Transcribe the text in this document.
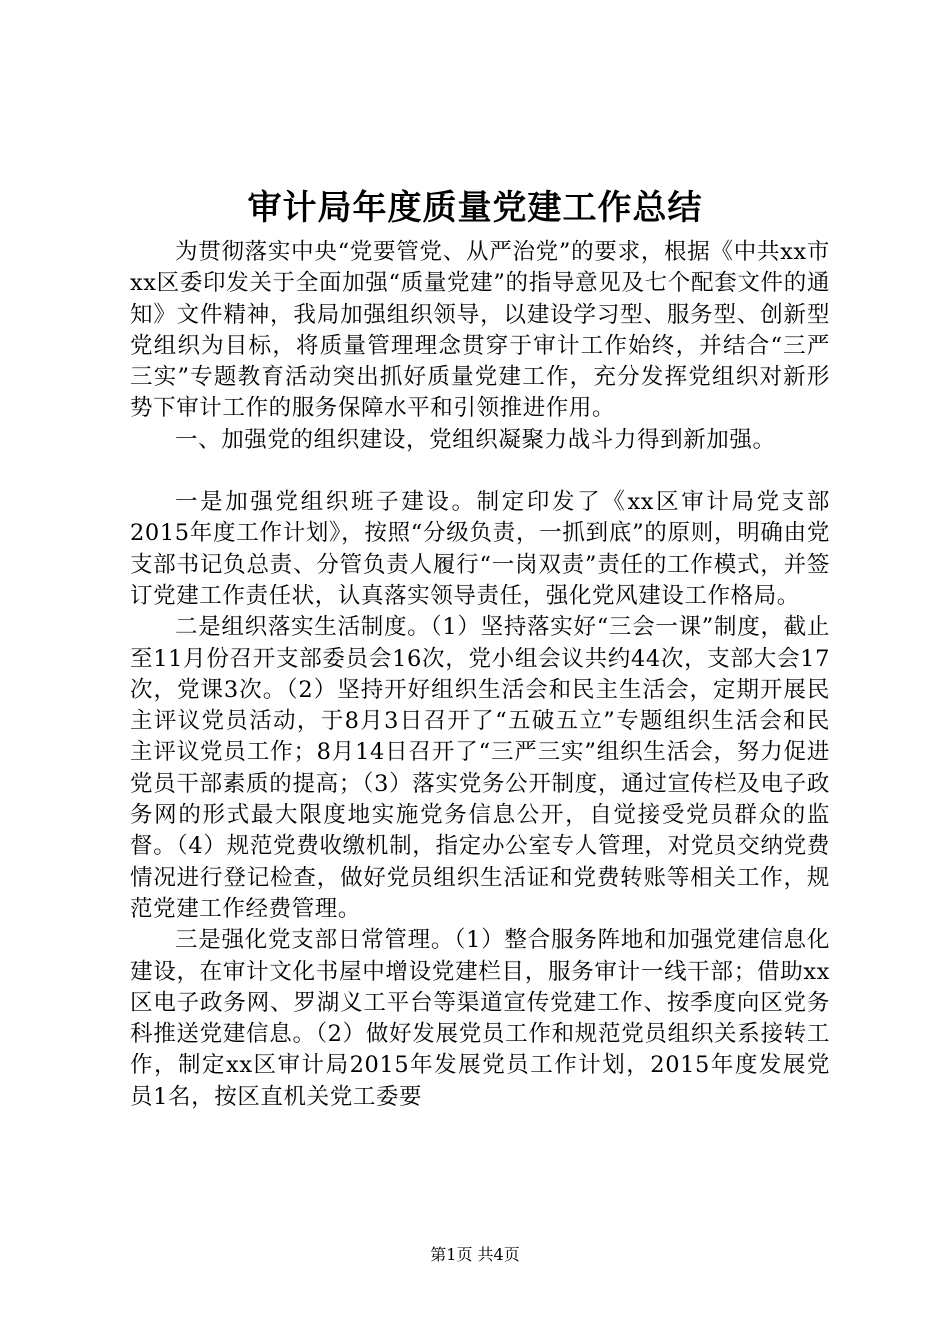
审计局年度质量党建工作总结

为贯彻落实中央“党要管党、从严治党”的要求，根据《中共xx市xx区委印发关于全面加强“质量党建”的指导意见及七个配套文件的通知》文件精神，我局加强组织领导，以建设学习型、服务型、创新型党组织为目标，将质量管理理念贯穿于审计工作始终，并结合“三严三实”专题教育活动突出抓好质量党建工作，充分发挥党组织对新形势下审计工作的服务保障水平和引领推进作用。

一、加强党的组织建设，党组织凝聚力战斗力得到新加强。

一是加强党组织班子建设。制定印发了《xx区审计局党支部2015年度工作计划》，按照“分级负责，一抓到底”的原则，明确由党支部书记负总责、分管负责人履行“一岗双责”责任的工作模式，并签订党建工作责任状，认真落实领导责任，强化党风建设工作格局。

二是组织落实生活制度。（1）坚持落实好“三会一课”制度，截止至11月份召开支部委员会16次，党小组会议共约44次，支部大会17次，党课3次。（2）坚持开好组织生活会和民主生活会，定期开展民主评议党员活动，于8月3日召开了“五破五立”专题组织生活会和民主评议党员工作；8月14日召开了“三严三实”组织生活会，努力促进党员干部素质的提高；（3）落实党务公开制度，通过宣传栏及电子政务网的形式最大限度地实施党务信息公开，自觉接受党员群众的监督。（4）规范党费收缴机制，指定办公室专人管理，对党员交纳党费情况进行登记检查，做好党员组织生活证和党费转账等相关工作，规范党建工作经费管理。

三是强化党支部日常管理。（1）整合服务阵地和加强党建信息化建设，在审计文化书屋中增设党建栏目，服务审计一线干部；借助xx区电子政务网、罗湖义工平台等渠道宣传党建工作、按季度向区党务科推送党建信息。（2）做好发展党员工作和规范党员组织关系接转工作，制定xx区审计局2015年发展党员工作计划，2015年度发展党员1名，按区直机关党工委要

第1页 共4页
